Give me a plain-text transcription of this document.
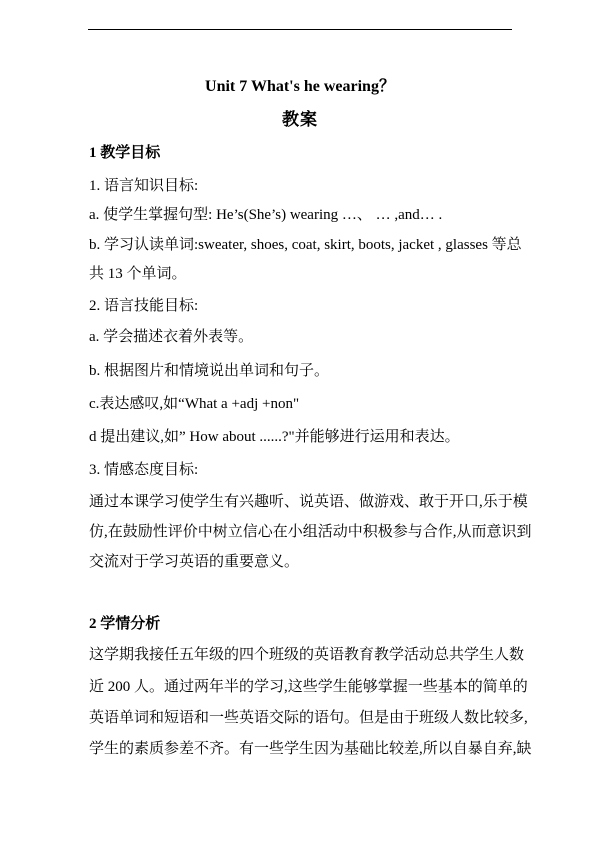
Unit 7 What's he wearing？
教案
1 教学目标
1. 语言知识目标:
a. 使学生掌握句型: He’s(She’s) wearing …、 … ,and… .
b. 学习认读单词:sweater, shoes, coat, skirt, boots, jacket , glasses 等总
共 13 个单词。
2. 语言技能目标:
a. 学会描述衣着外表等。
b. 根据图片和情境说出单词和句子。
c.表达感叹,如“What a +adj +non"
d 提出建议,如” How about ......?"并能够进行运用和表达。
3. 情感态度目标:
通过本课学习使学生有兴趣听、说英语、做游戏、敢于开口,乐于模
仿,在鼓励性评价中树立信心在小组活动中积极参与合作,从而意识到
交流对于学习英语的重要意义。
2 学情分析
这学期我接任五年级的四个班级的英语教育教学活动总共学生人数
近 200 人。通过两年半的学习,这些学生能够掌握一些基本的简单的
英语单词和短语和一些英语交际的语句。但是由于班级人数比较多,
学生的素质参差不齐。有一些学生因为基础比较差,所以自暴自弃,缺
